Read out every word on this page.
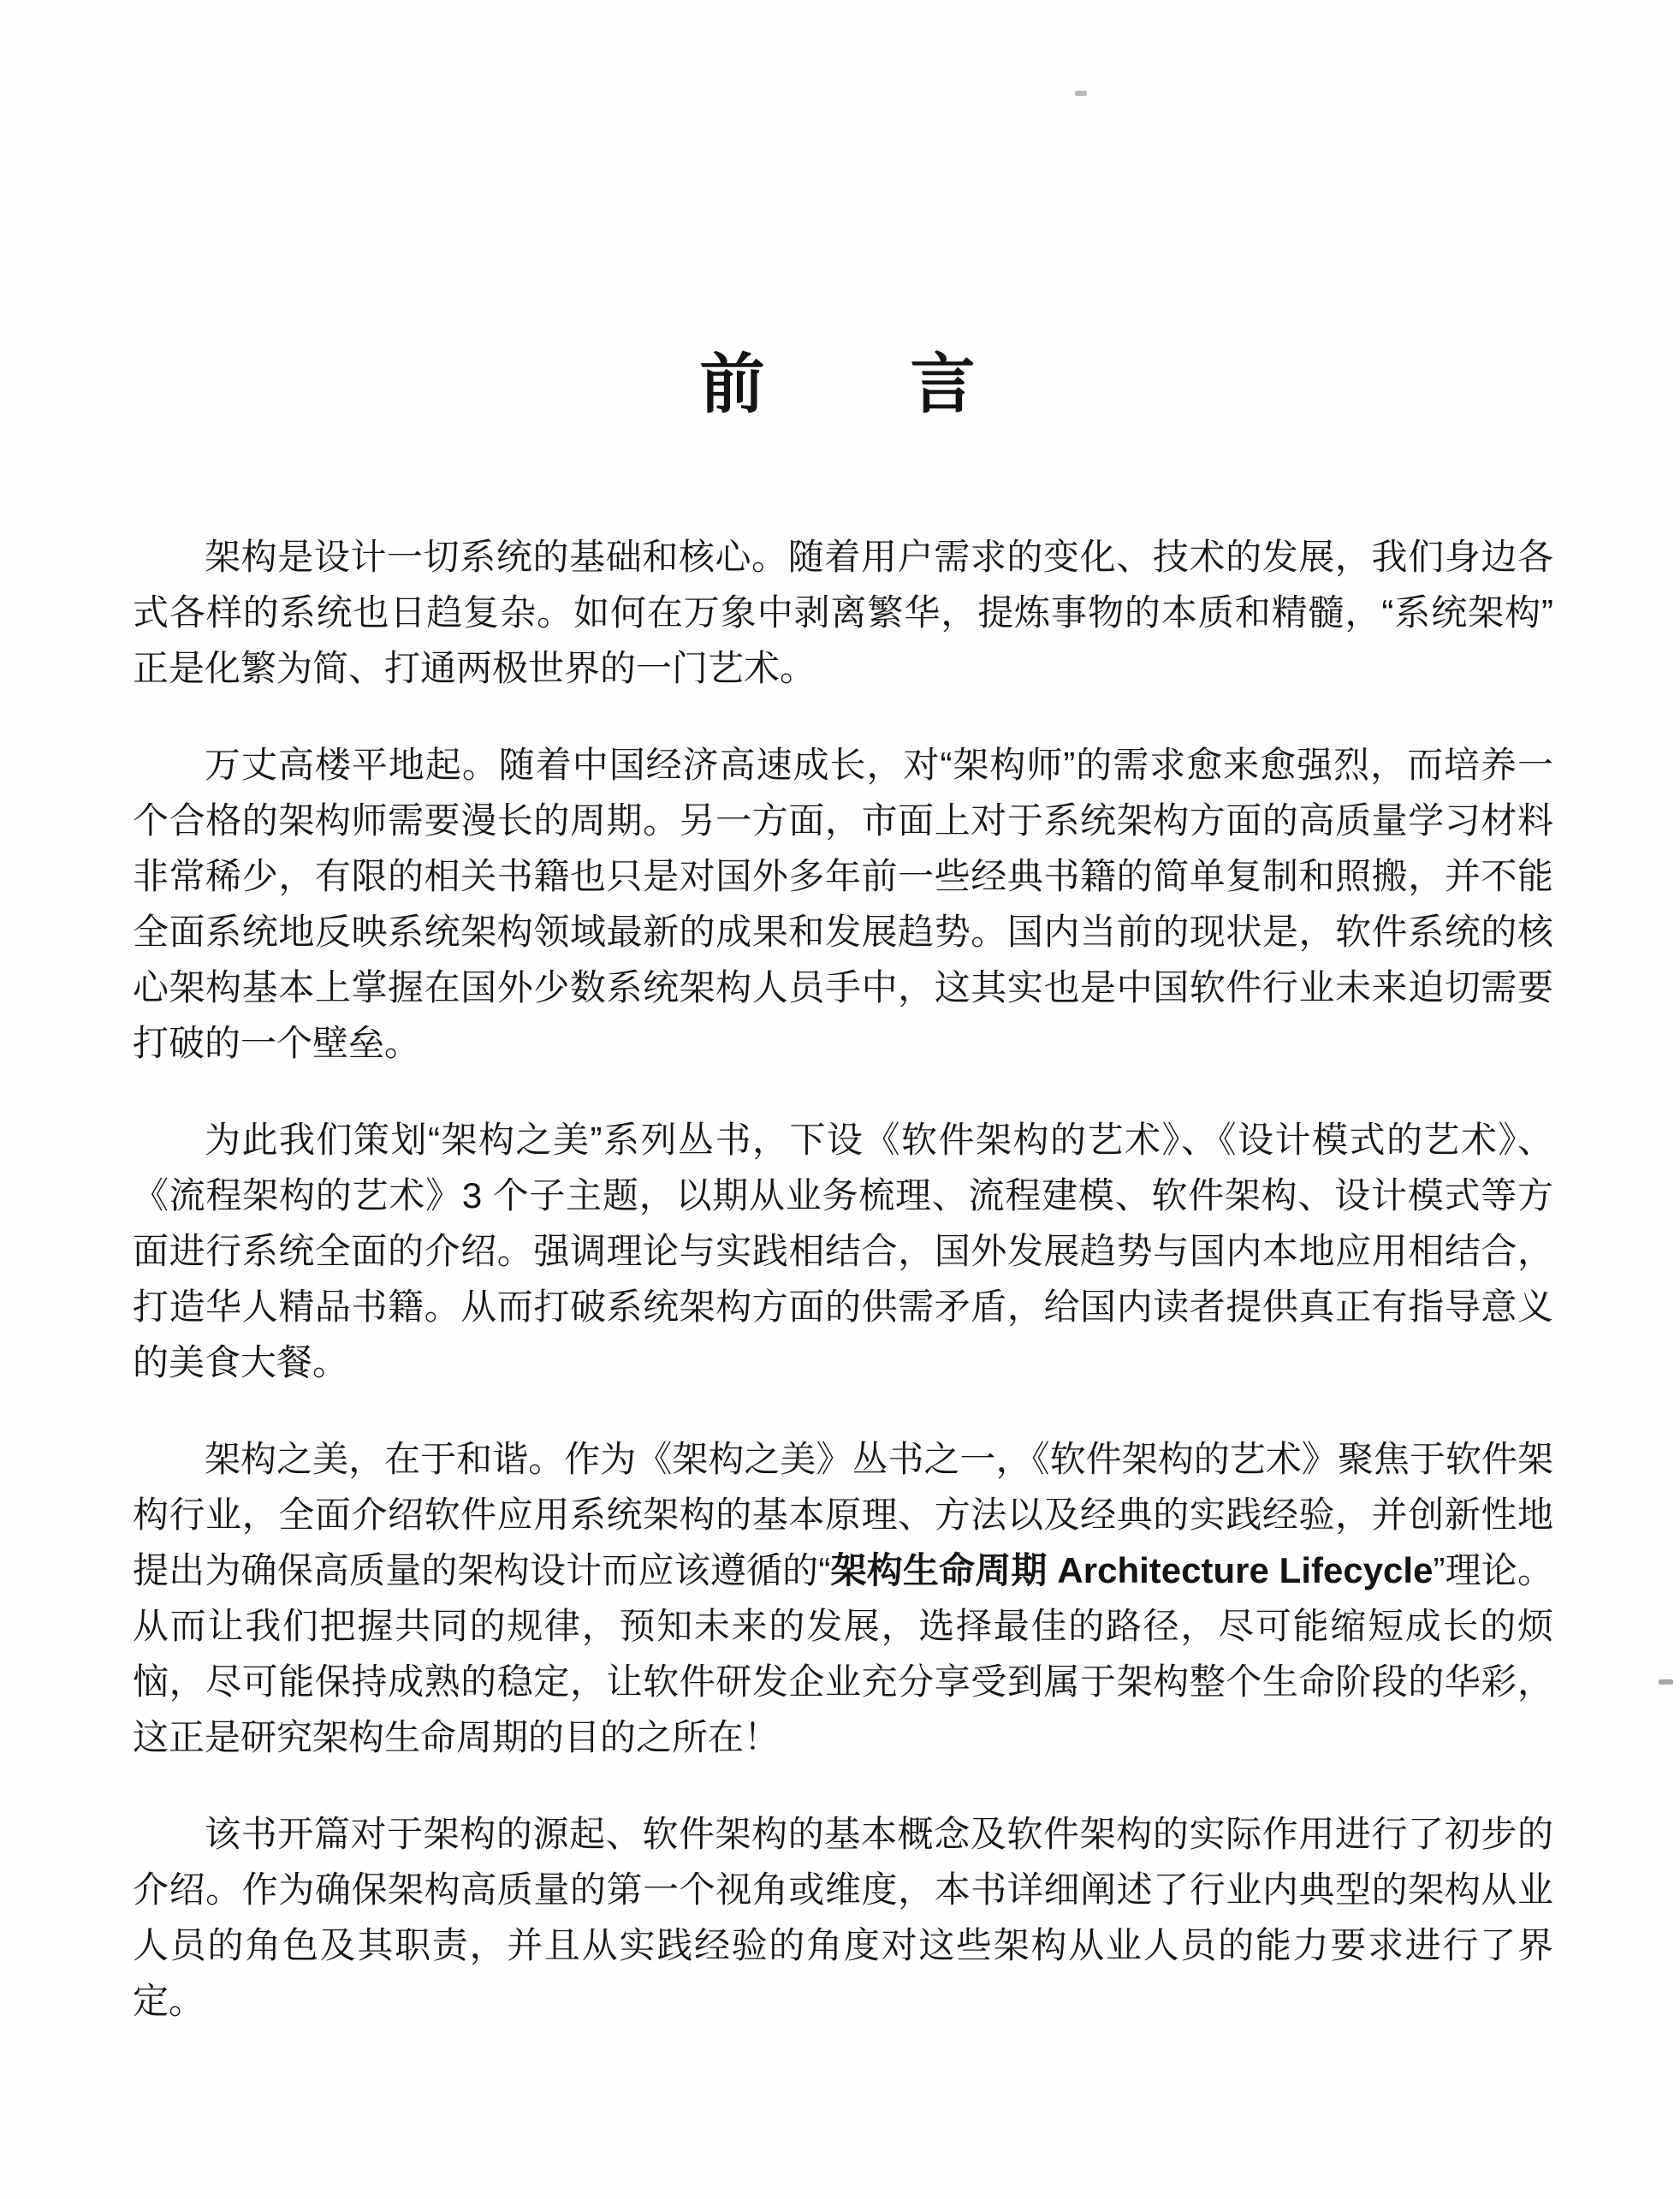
前　　言

架构是设计一切系统的基础和核心。随着用户需求的变化、技术的发展，我们身边各式各样的系统也日趋复杂。如何在万象中剥离繁华，提炼事物的本质和精髓，“系统架构”正是化繁为简、打通两极世界的一门艺术。

万丈高楼平地起。随着中国经济高速成长，对“架构师”的需求愈来愈强烈，而培养一个合格的架构师需要漫长的周期。另一方面，市面上对于系统架构方面的高质量学习材料非常稀少，有限的相关书籍也只是对国外多年前一些经典书籍的简单复制和照搬，并不能全面系统地反映系统架构领域最新的成果和发展趋势。国内当前的现状是，软件系统的核心架构基本上掌握在国外少数系统架构人员手中，这其实也是中国软件行业未来迫切需要打破的一个壁垒。

为此我们策划“架构之美”系列丛书，下设《软件架构的艺术》、《设计模式的艺术》、《流程架构的艺术》3 个子主题，以期从业务梳理、流程建模、软件架构、设计模式等方面进行系统全面的介绍。强调理论与实践相结合，国外发展趋势与国内本地应用相结合，打造华人精品书籍。从而打破系统架构方面的供需矛盾，给国内读者提供真正有指导意义的美食大餐。

架构之美，在于和谐。作为《架构之美》丛书之一，《软件架构的艺术》聚焦于软件架构行业，全面介绍软件应用系统架构的基本原理、方法以及经典的实践经验，并创新性地提出为确保高质量的架构设计而应该遵循的“架构生命周期 Architecture Lifecycle”理论。从而让我们把握共同的规律，预知未来的发展，选择最佳的路径，尽可能缩短成长的烦恼，尽可能保持成熟的稳定，让软件研发企业充分享受到属于架构整个生命阶段的华彩，这正是研究架构生命周期的目的之所在！

该书开篇对于架构的源起、软件架构的基本概念及软件架构的实际作用进行了初步的介绍。作为确保架构高质量的第一个视角或维度，本书详细阐述了行业内典型的架构从业人员的角色及其职责，并且从实践经验的角度对这些架构从业人员的能力要求进行了界定。
